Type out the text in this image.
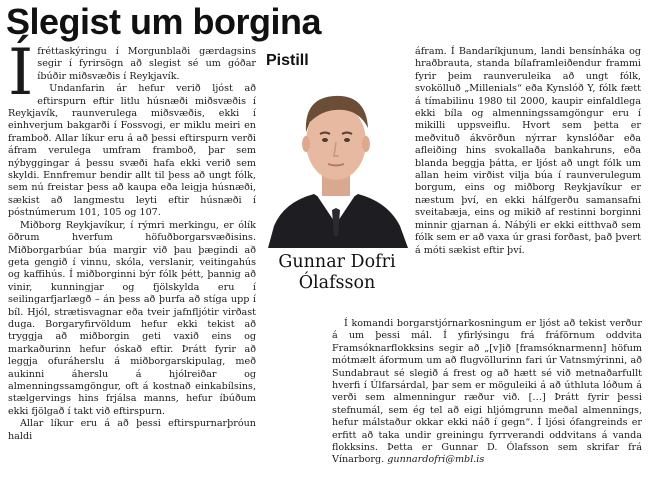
Slegist um borgina

Ífréttaskýringu í Morgunblaði gærdagsins segir í fyrirsögn að slegist sé um góðar íbúðir miðsvæðis í Reykjavík.

Undanfarin ár hefur verið ljóst að eftirspurn eftir litlu húsnæði miðsvæðis í Reykjavík, raunverulega miðsvæðis, ekki í einhverjum bakgarði í Fossvogi, er miklu meiri en framboð. Allar líkur eru á að þessi eftirspurn verði áfram verulega umfram framboð, þar sem nýbyggingar á þessu svæði hafa ekki verið sem skyldi. Ennfremur bendir allt til þess að ungt fólk, sem nú freistar þess að kaupa eða leigja húsnæði, sækist að langmestu leyti eftir húsnæði í póstnúmerum 101, 105 og 107.

Miðborg Reykjavíkur, í rýmri merkingu, er ólík öðrum hverfum höfuðborgarsvæðisins. Miðborgarbúar búa margir við þau þægindi að geta gengið í vinnu, skóla, verslanir, veitingahús og kaffihús. Í miðborginni býr fólk þétt, þannig að vinir, kunningjar og fjölskylda eru í seilingarfjarlægð – án þess að þurfa að stíga upp í bíl. Hjól, strætisvagnar eða tveir jafnfljótir virðast duga. Borgaryfirvöldum hefur ekki tekist að tryggja að miðborgin geti vaxið eins og markaðurinn hefur óskað eftir. Þrátt fyrir að leggja ofuráherslu á miðborgarskipulag, með aukinni áherslu á hjólreiðar og almenningssamgöngur, oft á kostnað einkabílsins, stælgervings hins frjálsa manns, hefur íbúðum ekki fjölgað í takt við eftirspurn.

Allar líkur eru á að þessi eftirspurnarþróun haldi

Pistill
Gunnar Dofri
Ólafsson

áfram. Í Bandaríkjunum, landi bensínháka og hraðbrauta, standa bílaframleiðendur frammi fyrir þeim raunveruleika að ungt fólk, svokölluð „Millenials“ eða Kynslóð Y, fólk fætt á tímabilinu 1980 til 2000, kaupir einfaldlega ekki bíla og almenningssamgöngur eru í mikilli uppsveiflu. Hvort sem þetta er meðvituð ákvörðun nýrrar kynslóðar eða afleiðing hins svokallaða bankahruns, eða blanda beggja þátta, er ljóst að ungt fólk um allan heim virðist vilja búa í raunverulegum borgum, eins og miðborg Reykjavíkur er næstum því, en ekki hálfgerðu samansafni sveitabæja, eins og mikið af restinni borginni minnir gjarnan á. Nábýli er ekki eitthvað sem fólk sem er að vaxa úr grasi forðast, það þvert á móti sækist eftir því.

Í komandi borgarstjórnarkosningum er ljóst að tekist verður á um þessi mál. Í yfirlýsingu frá fráförnum oddvita Framsóknarflokksins segir að „[v]ið [framsóknarmenn] höfum mótmælt áformum um að flugvöllurinn fari úr Vatnsmýrinni, að Sundabraut sé slegið á frest og að hætt sé við metnaðarfullt hverfi í Úlfarsárdal, þar sem er möguleiki á að úthluta lóðum á verði sem almenningur ræður við. […] Þrátt fyrir þessi stefnumál, sem ég tel að eigi hljómgrunn meðal almennings, hefur málstaður okkar ekki náð í gegn“. Í ljósi ófangreinds er erfitt að taka undir greiningu fyrrverandi oddvitans á vanda flokksins. Þetta er Gunnar D. Ólafsson sem skrifar frá Vínarborg. gunnardofri@mbl.is
